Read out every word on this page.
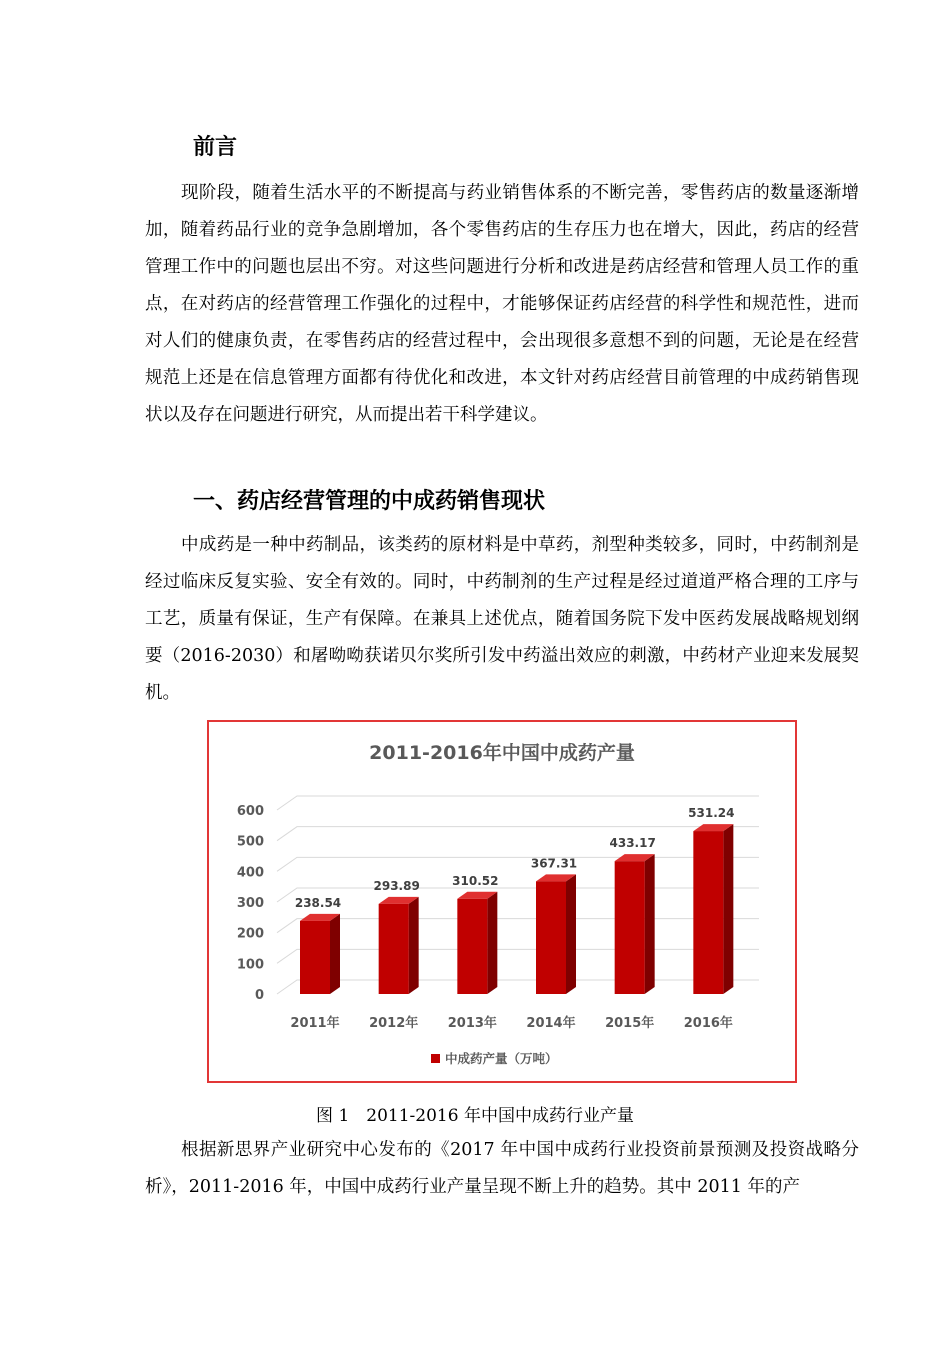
前言
现阶段，随着生活水平的不断提高与药业销售体系的不断完善，零售药店的数量逐渐增加，随着药品行业的竞争急剧增加，各个零售药店的生存压力也在增大，因此，药店的经营管理工作中的问题也层出不穷。对这些问题进行分析和改进是药店经营和管理人员工作的重点，在对药店的经营管理工作强化的过程中，才能够保证药店经营的科学性和规范性，进而对人们的健康负责，在零售药店的经营过程中，会出现很多意想不到的问题，无论是在经营规范上还是在信息管理方面都有待优化和改进，本文针对药店经营目前管理的中成药销售现状以及存在问题进行研究，从而提出若干科学建议。
一、药店经营管理的中成药销售现状
中成药是一种中药制品，该类药的原材料是中草药，剂型种类较多，同时，中药制剂是经过临床反复实验、安全有效的。同时，中药制剂的生产过程是经过道道严格合理的工序与工艺，质量有保证，生产有保障。在兼具上述优点，随着国务院下发中医药发展战略规划纲要（2016-2030）和屠呦呦获诺贝尔奖所引发中药溢出效应的刺激，中药材产业迎来发展契机。
2011-2016年中国中成药产量
0
100
200
300
400
500
600
238.54
293.89	310.52
367.31
433.17
531.24
2011年 2012年 2013年 2014年 2015年 2016年
中成药产量（万吨）
图 1　2011-2016 年中国中成药行业产量
根据新思界产业研究中心发布的《2017 年中国中成药行业投资前景预测及投资战略分析》，2011-2016 年，中国中成药行业产量呈现不断上升的趋势。其中 2011 年的产
